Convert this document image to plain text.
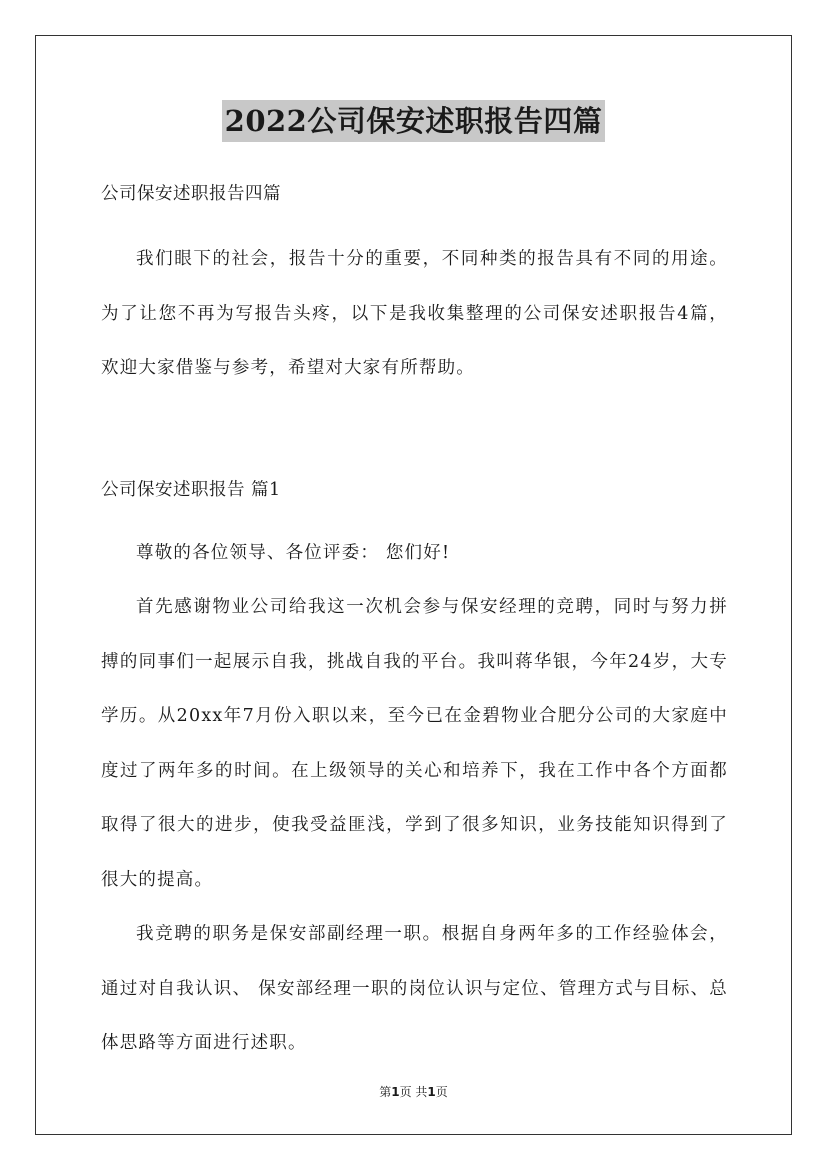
2022公司保安述职报告四篇

公司保安述职报告四篇

我们眼下的社会，报告十分的重要，不同种类的报告具有不同的用途。为了让您不再为写报告头疼，以下是我收集整理的公司保安述职报告4篇，欢迎大家借鉴与参考，希望对大家有所帮助。

公司保安述职报告 篇1

尊敬的各位领导、各位评委： 您们好!

首先感谢物业公司给我这一次机会参与保安经理的竞聘，同时与努力拼搏的同事们一起展示自我，挑战自我的平台。我叫蒋华银，今年24岁，大专学历。从20xx年7月份入职以来，至今已在金碧物业合肥分公司的大家庭中度过了两年多的时间。在上级领导的关心和培养下，我在工作中各个方面都取得了很大的进步，使我受益匪浅，学到了很多知识，业务技能知识得到了很大的提高。

我竞聘的职务是保安部副经理一职。根据自身两年多的工作经验体会，通过对自我认识、 保安部经理一职的岗位认识与定位、管理方式与目标、总体思路等方面进行述职。

第1页 共1页
